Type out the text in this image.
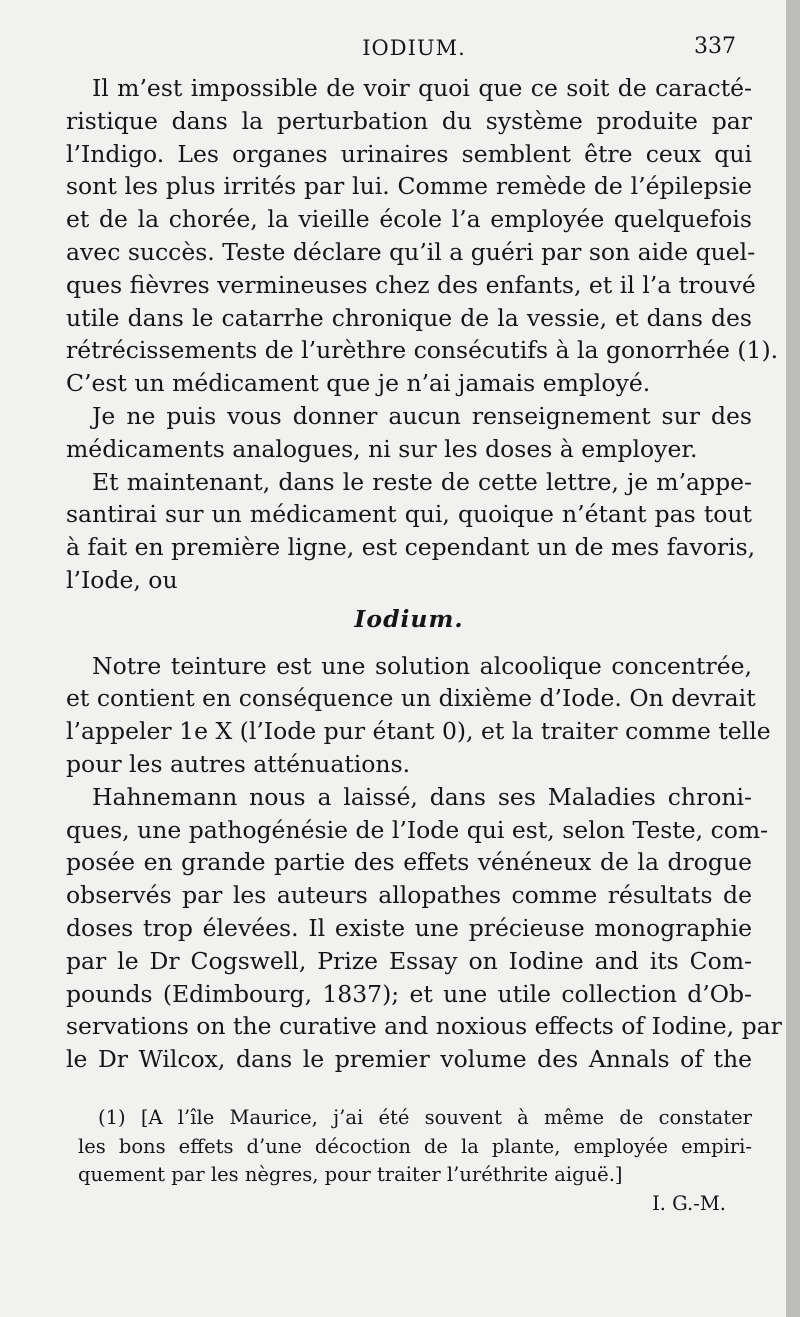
IODIUM.	337
Il m’est impossible de voir quoi que ce soit de caracté-
ristique dans la perturbation du système produite par
l’Indigo. Les organes urinaires semblent être ceux qui
sont les plus irrités par lui. Comme remède de l’épilepsie
et de la chorée, la vieille école l’a employée quelquefois
avec succès. Teste déclare qu’il a guéri par son aide quel-
ques fièvres vermineuses chez des enfants, et il l’a trouvé
utile dans le catarrhe chronique de la vessie, et dans des
rétrécissements de l’urèthre consécutifs à la gonorrhée (1).
C’est un médicament que je n’ai jamais employé.
Je ne puis vous donner aucun renseignement sur des
médicaments analogues, ni sur les doses à employer.
Et maintenant, dans le reste de cette lettre, je m’appe-
santirai sur un médicament qui, quoique n’étant pas tout
à fait en première ligne, est cependant un de mes favoris,
l’Iode, ou
Iodium.
Notre teinture est une solution alcoolique concentrée,
et contient en conséquence un dixième d’Iode. On devrait
l’appeler 1e X (l’Iode pur étant 0), et la traiter comme telle
pour les autres atténuations.
Hahnemann nous a laissé, dans ses Maladies chroni-
ques, une pathogénésie de l’Iode qui est, selon Teste, com-
posée en grande partie des effets vénéneux de la drogue
observés par les auteurs allopathes comme résultats de
doses trop élevées. Il existe une précieuse monographie
par le Dr Cogswell, Prize Essay on Iodine and its Com-
pounds (Edimbourg, 1837); et une utile collection d’Ob-
servations on the curative and noxious effects of Iodine, par
le Dr Wilcox, dans le premier volume des Annals of the
(1) [A l’île Maurice, j’ai été souvent à même de constater
les bons effets d’une décoction de la plante, employée empiri-
quement par les nègres, pour traiter l’uréthrite aiguë.]
I. G.-M.
